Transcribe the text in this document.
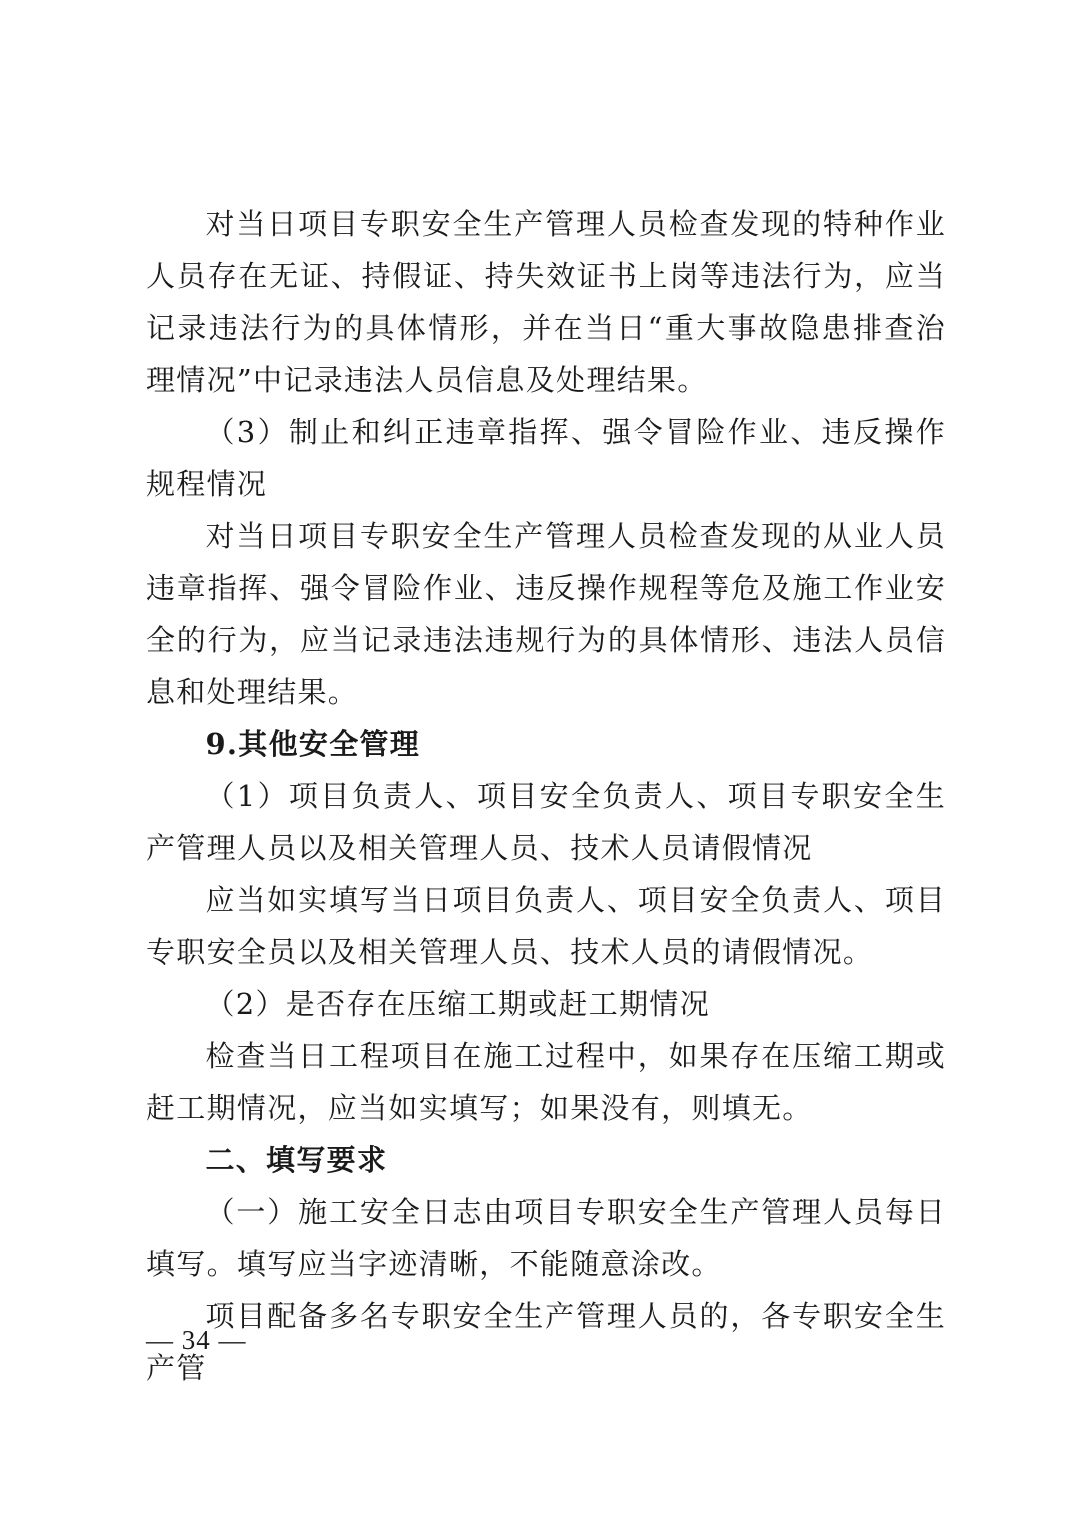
对当日项目专职安全生产管理人员检查发现的特种作业人员存在无证、持假证、持失效证书上岗等违法行为，应当记录违法行为的具体情形，并在当日“重大事故隐患排查治理情况”中记录违法人员信息及处理结果。

（3）制止和纠正违章指挥、强令冒险作业、违反操作规程情况

对当日项目专职安全生产管理人员检查发现的从业人员违章指挥、强令冒险作业、违反操作规程等危及施工作业安全的行为，应当记录违法违规行为的具体情形、违法人员信息和处理结果。

9.其他安全管理

（1）项目负责人、项目安全负责人、项目专职安全生产管理人员以及相关管理人员、技术人员请假情况

应当如实填写当日项目负责人、项目安全负责人、项目专职安全员以及相关管理人员、技术人员的请假情况。

（2）是否存在压缩工期或赶工期情况

检查当日工程项目在施工过程中，如果存在压缩工期或赶工期情况，应当如实填写；如果没有，则填无。

二、填写要求

（一）施工安全日志由项目专职安全生产管理人员每日填写。填写应当字迹清晰，不能随意涂改。

项目配备多名专职安全生产管理人员的，各专职安全生产管

— 34 —
